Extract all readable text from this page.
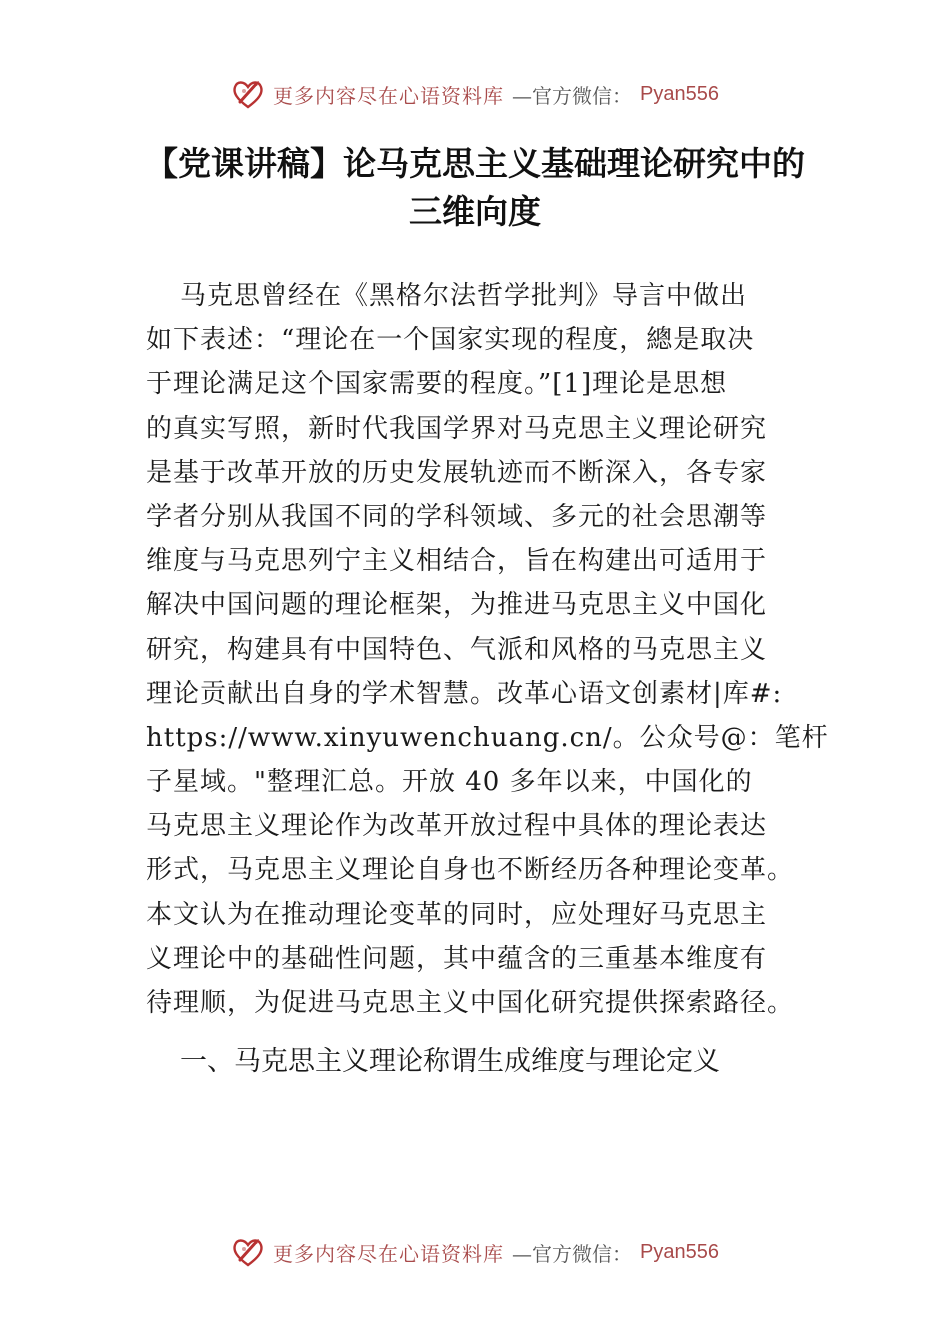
更多内容尽在心语资料库 —官方微信： Pyan556
【党课讲稿】论马克思主义基础理论研究中的
三维向度
马克思曾经在《黑格尔法哲学批判》导言中做出
如下表述：“理论在一个国家实现的程度，總是取决
于理论满足这个国家需要的程度。”[1]理论是思想
的真实写照，新时代我国学界对马克思主义理论研究
是基于改革开放的历史发展轨迹而不断深入，各专家
学者分别从我国不同的学科领域、多元的社会思潮等
维度与马克思列宁主义相结合，旨在构建出可适用于
解决中国问题的理论框架，为推进马克思主义中国化
研究，构建具有中国特色、气派和风格的马克思主义
理论贡献出自身的学术智慧。改革心语文创素材|库#:
https://www.xinyuwenchuang.cn/。公众号@：笔杆
子星域。"整理汇总。开放 40 多年以来，中国化的
马克思主义理论作为改革开放过程中具体的理论表达
形式，马克思主义理论自身也不断经历各种理论变革。
本文认为在推动理论变革的同时，应处理好马克思主
义理论中的基础性问题，其中蕴含的三重基本维度有
待理顺，为促进马克思主义中国化研究提供探索路径。
一、马克思主义理论称谓生成维度与理论定义
更多内容尽在心语资料库 —官方微信： Pyan556
